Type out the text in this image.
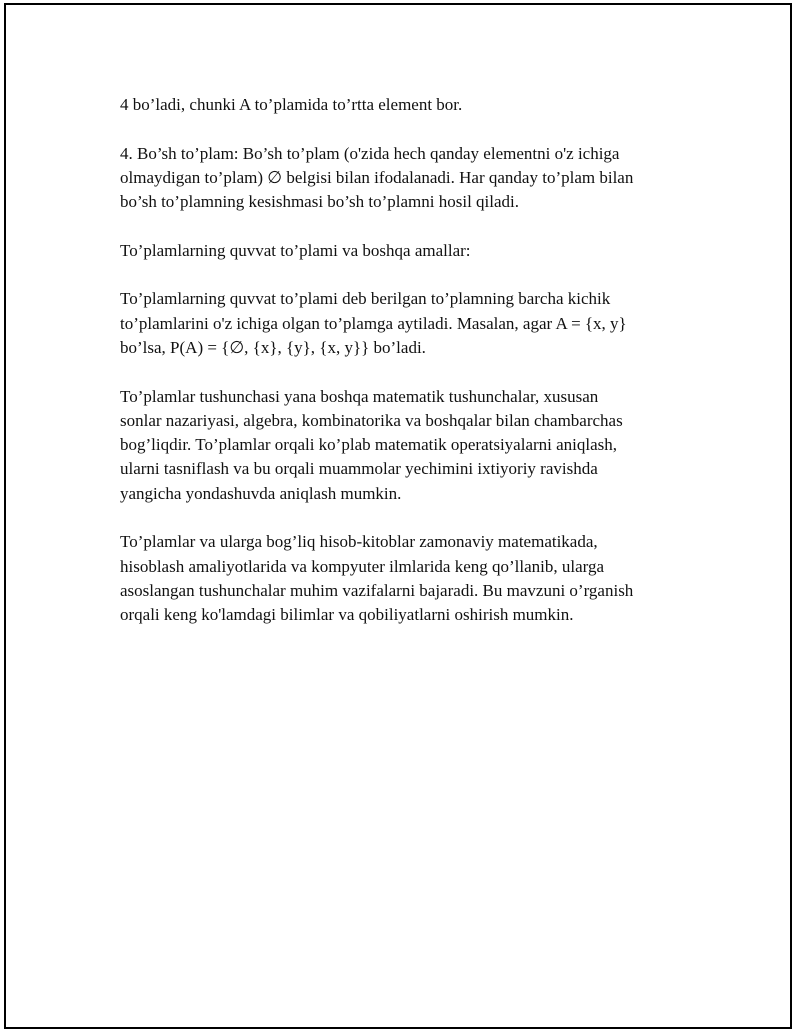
4 bo’ladi, chunki A to’plamida to’rtta element bor.

4. Bo’sh to’plam: Bo’sh to’plam (o'zida hech qanday elementni o'z ichiga
olmaydigan to’plam) ∅ belgisi bilan ifodalanadi. Har qanday to’plam bilan
bo’sh to’plamning kesishmasi bo’sh to’plamni hosil qiladi.

To’plamlarning quvvat to’plami va boshqa amallar:

To’plamlarning quvvat to’plami deb berilgan to’plamning barcha kichik
to’plamlarini o'z ichiga olgan to’plamga aytiladi. Masalan, agar A = {x, y}
bo’lsa, P(A) = {∅, {x}, {y}, {x, y}} bo’ladi.

To’plamlar tushunchasi yana boshqa matematik tushunchalar, xususan
sonlar nazariyasi, algebra, kombinatorika va boshqalar bilan chambarchas
bog’liqdir. To’plamlar orqali ko’plab matematik operatsiyalarni aniqlash,
ularni tasniflash va bu orqali muammolar yechimini ixtiyoriy ravishda
yangicha yondashuvda aniqlash mumkin.

To’plamlar va ularga bog’liq hisob-kitoblar zamonaviy matematikada,
hisoblash amaliyotlarida va kompyuter ilmlarida keng qo’llanib, ularga
asoslangan tushunchalar muhim vazifalarni bajaradi. Bu mavzuni o’rganish
orqali keng ko'lamdagi bilimlar va qobiliyatlarni oshirish mumkin.
